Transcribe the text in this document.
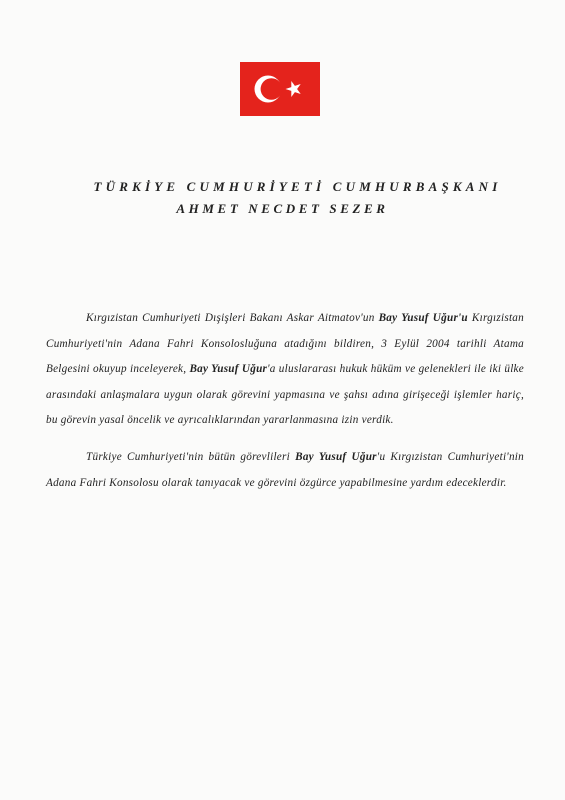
TÜRKİYE CUMHURİYETİ CUMHURBAŞKANI
AHMET NECDET SEZER

Kırgızistan Cumhuriyeti Dışişleri Bakanı Askar Aitmatov'un Bay Yusuf Uğur'u Kırgızistan Cumhuriyeti'nin Adana Fahri Konsolosluğuna atadığını bildiren, 3 Eylül 2004 tarihli Atama Belgesini okuyup inceleyerek, Bay Yusuf Uğur'a uluslararası hukuk hüküm ve gelenekleri ile iki ülke arasındaki anlaşmalara uygun olarak görevini yapmasına ve şahsı adına girişeceği işlemler hariç, bu görevin yasal öncelik ve ayrıcalıklarından yararlanmasına izin verdik.

Türkiye Cumhuriyeti'nin bütün görevlileri Bay Yusuf Uğur'u Kırgızistan Cumhuriyeti'nin Adana Fahri Konsolosu olarak tanıyacak ve görevini özgürce yapabilmesine yardım edeceklerdir.
